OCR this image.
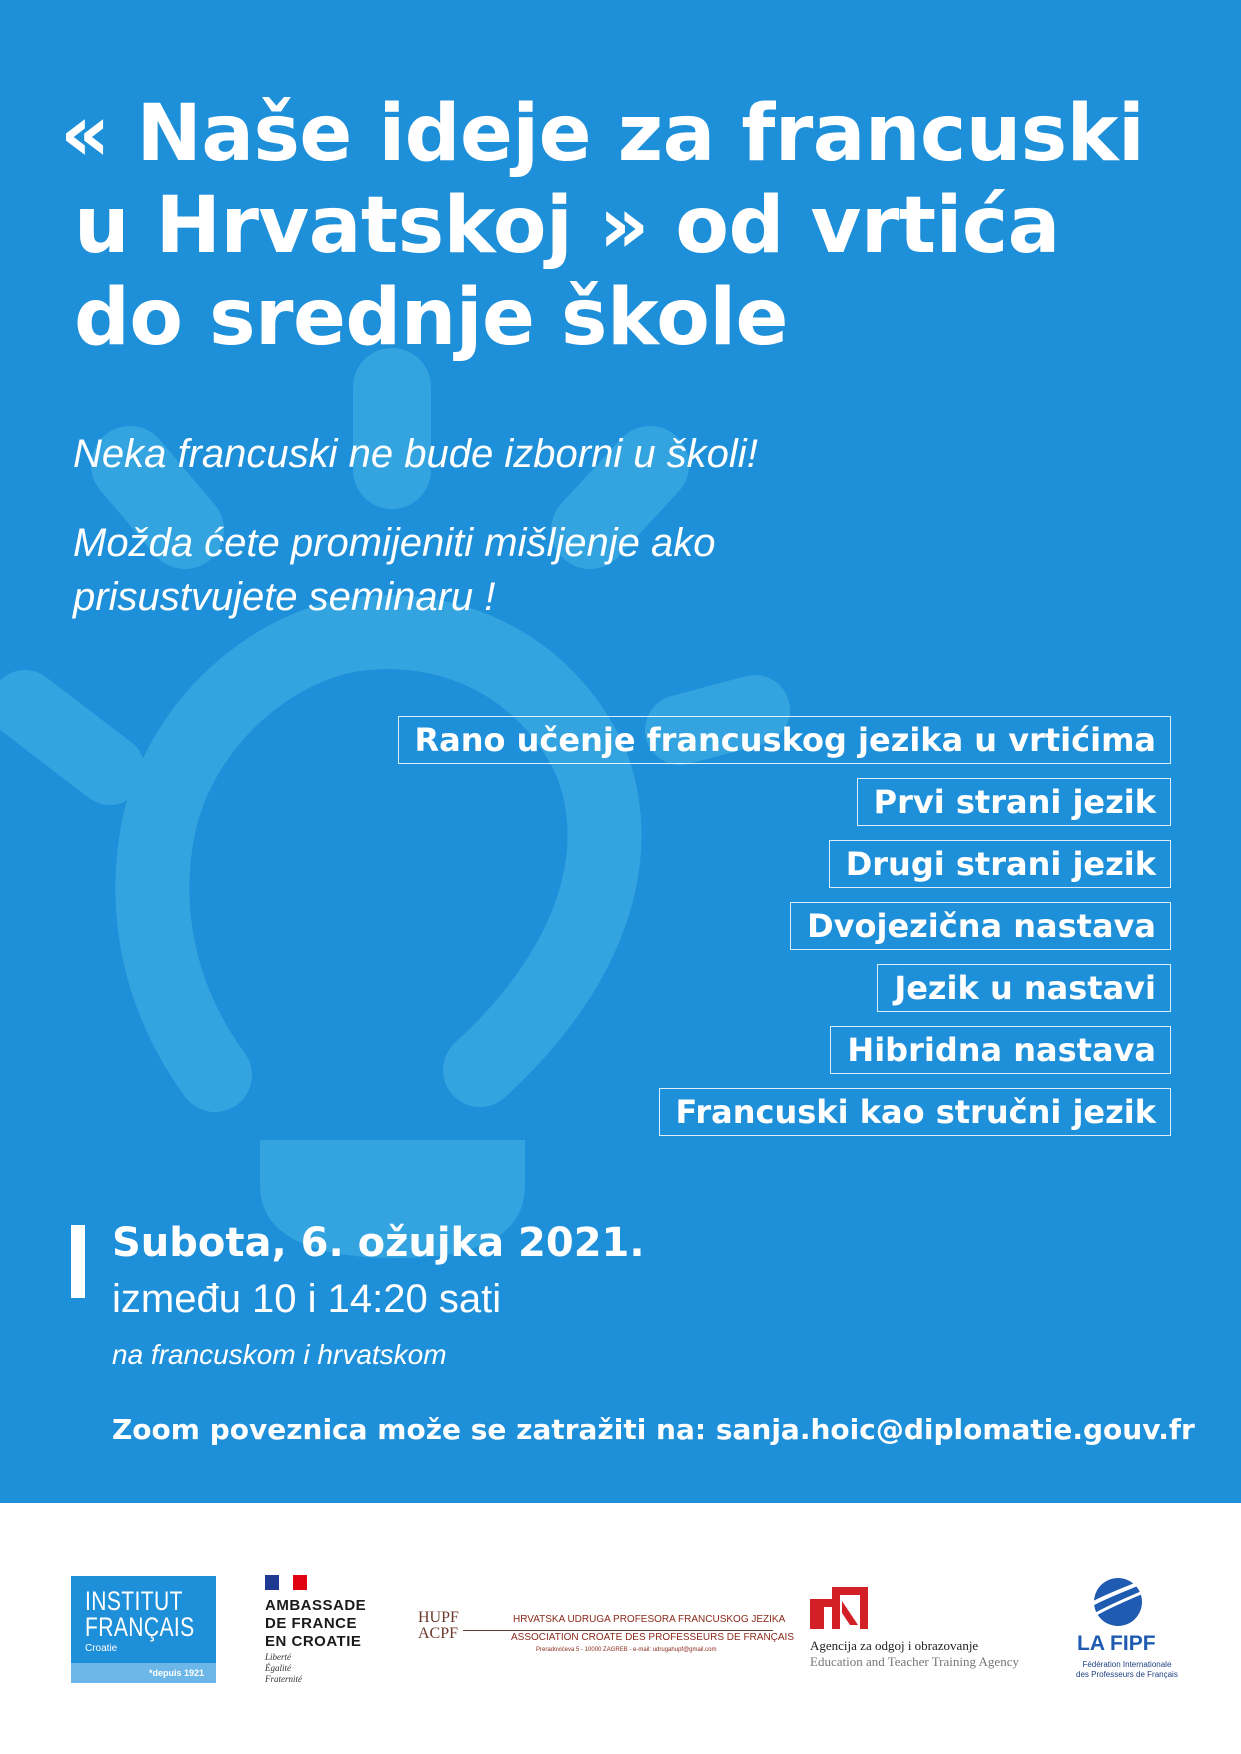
« Naše ideje za francuski
u Hrvatskoj » od vrtića
do srednje škole

Neka francuski ne bude izborni u školi!

Možda ćete promijeniti mišljenje ako prisustvujete seminaru !

Rano učenje francuskog jezika u vrtićima
Prvi strani jezik
Drugi strani jezik
Dvojezična nastava
Jezik u nastavi
Hibridna nastava
Francuski kao stručni jezik
Subota, 6. ožujka 2021.
između 10 i 14:20 sati
na francuskom i hrvatskom
Zoom poveznica može se zatražiti na: sanja.hoic@diplomatie.gouv.fr
INSTITUT
FRANÇAIS
Croatie
*depuis 1921
AMBASSADE
DE FRANCE
EN CROATIE
Liberté
Égalité
Fraternité
HUPF ACPF
HRVATSKA UDRUGA PROFESORA FRANCUSKOG JEZIKA
ASSOCIATION CROATE DES PROFESSEURS DE FRANÇAIS
Preradovićeva 5 - 10000 ZAGREB - e-mail: udrugahupf@gmail.com	Agencija za odgoj i obrazovanje
Education and Teacher Training Agency
LA FIPF
Fédération Internationale
des Professeurs de Français
